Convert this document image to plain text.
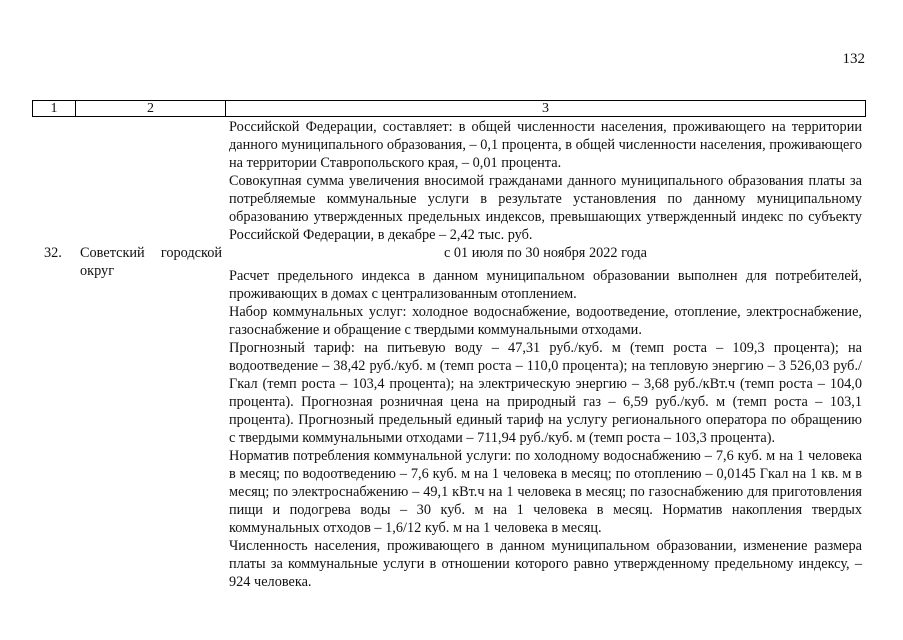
132
1	2	3

Российской Федерации, составляет: в общей численности населения, проживающего на территории данного муниципального образования, – 0,1 процента, в общей численности населения, проживающего на территории Ставропольского края, – 0,01 процента.

Совокупная сумма увеличения вносимой гражданами данного муниципального образования платы за потребляемые коммунальные услуги в результате установления по данному муниципальному образованию утвержденных предельных индексов, превышающих утвержденный индекс по субъекту Российской Федерации, в декабре – 2,42 тыс. руб.

32. Советский городской округ
с 01 июля по 30 ноября 2022 года

Расчет предельного индекса в данном муниципальном образовании выполнен для потребителей, проживающих в домах с централизованным отоплением.

Набор коммунальных услуг: холодное водоснабжение, водоотведение, отопление, электроснабжение, газоснабжение и обращение с твердыми коммунальными отходами.

Прогнозный тариф: на питьевую воду – 47,31 руб./куб. м (темп роста – 109,3 процента); на водоотведение – 38,42 руб./куб. м (темп роста – 110,0 процента); на тепловую энергию – 3 526,03 руб./Гкал (темп роста – 103,4 процента); на электрическую энергию – 3,68 руб./кВт.ч (темп роста – 104,0 процента). Прогнозная розничная цена на природный газ – 6,59 руб./куб. м (темп роста – 103,1 процента). Прогнозный предельный единый тариф на услугу регионального оператора по обращению с твердыми коммунальными отходами – 711,94 руб./куб. м (темп роста – 103,3 процента).

Норматив потребления коммунальной услуги: по холодному водоснабжению – 7,6 куб. м на 1 человека в месяц; по водоотведению – 7,6 куб. м на 1 человека в месяц; по отоплению – 0,0145 Гкал на 1 кв. м в месяц; по электроснабжению – 49,1 кВт.ч на 1 человека в месяц; по газоснабжению для приготовления пищи и подогрева воды – 30 куб. м на 1 человека в месяц. Норматив накопления твердых коммунальных отходов – 1,6/12 куб. м на 1 человека в месяц.

Численность населения, проживающего в данном муниципальном образовании, изменение размера платы за коммунальные услуги в отношении которого равно утвержденному предельному индексу, – 924 человека.
